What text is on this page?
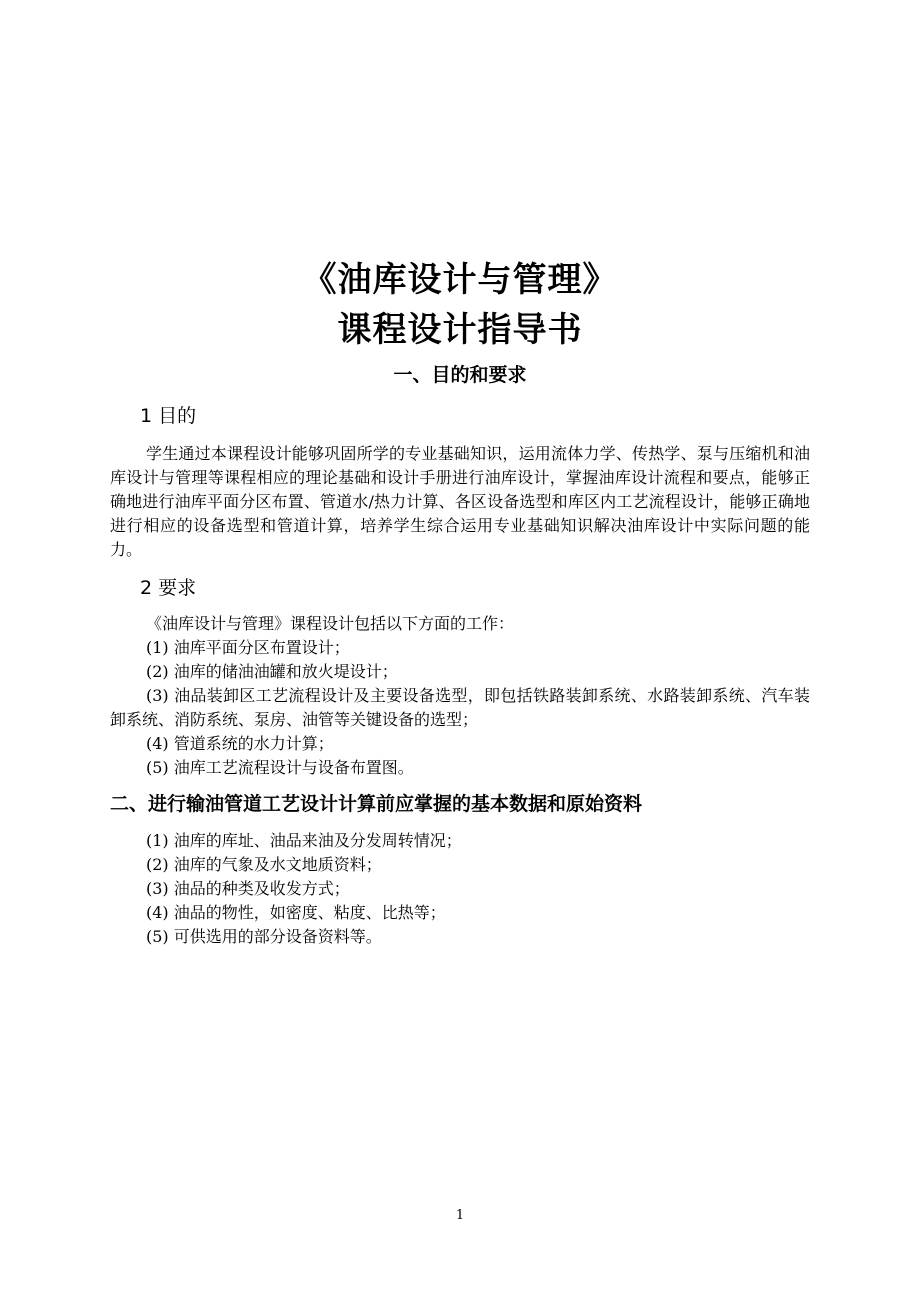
《油库设计与管理》
课程设计指导书
一、目的和要求
1 目的

学生通过本课程设计能够巩固所学的专业基础知识，运用流体力学、传热学、泵与压缩机和油库设计与管理等课程相应的理论基础和设计手册进行油库设计，掌握油库设计流程和要点，能够正确地进行油库平面分区布置、管道水/热力计算、各区设备选型和库区内工艺流程设计，能够正确地进行相应的设备选型和管道计算，培养学生综合运用专业基础知识解决油库设计中实际问题的能力。

2 要求

《油库设计与管理》课程设计包括以下方面的工作：

(1) 油库平面分区布置设计；

(2) 油库的储油油罐和放火堤设计；

(3) 油品装卸区工艺流程设计及主要设备选型，即包括铁路装卸系统、水路装卸系统、汽车装卸系统、消防系统、泵房、油管等关键设备的选型；

(4) 管道系统的水力计算；

(5) 油库工艺流程设计与设备布置图。

二、进行输油管道工艺设计计算前应掌握的基本数据和原始资料

(1) 油库的库址、油品来油及分发周转情况；

(2) 油库的气象及水文地质资料；

(3) 油品的种类及收发方式；

(4) 油品的物性，如密度、粘度、比热等；

(5) 可供选用的部分设备资料等。

1
